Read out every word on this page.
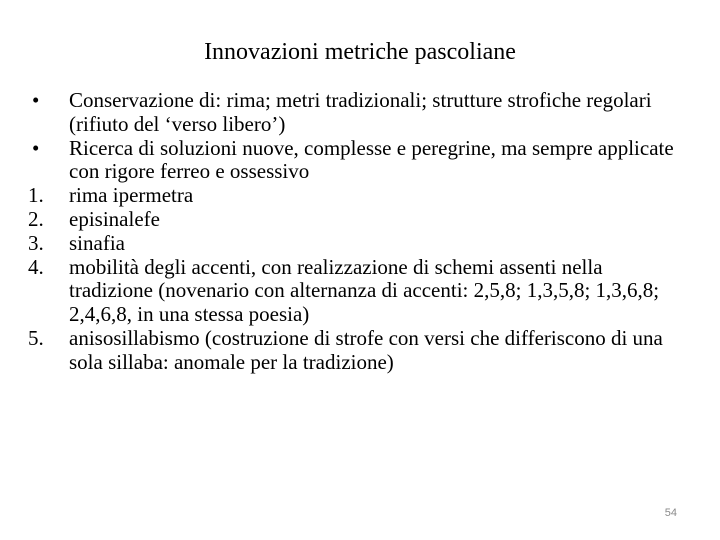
Innovazioni metriche pascoliane
•	Conservazione di: rima; metri tradizionali; strutture strofiche regolari (rifiuto del ‘verso libero’)
•	Ricerca di soluzioni nuove, complesse e peregrine, ma sempre applicate con rigore ferreo e ossessivo
1.	rima ipermetra
2.	episinalefe
3.	sinafia
4.	mobilità degli accenti, con realizzazione di schemi assenti nella tradizione (novenario con alternanza di accenti: 2,5,8; 1,3,5,8; 1,3,6,8; 2,4,6,8, in una stessa poesia)
5.	anisosillabismo (costruzione di strofe con versi che differiscono di una sola sillaba: anomale per la tradizione)
54
